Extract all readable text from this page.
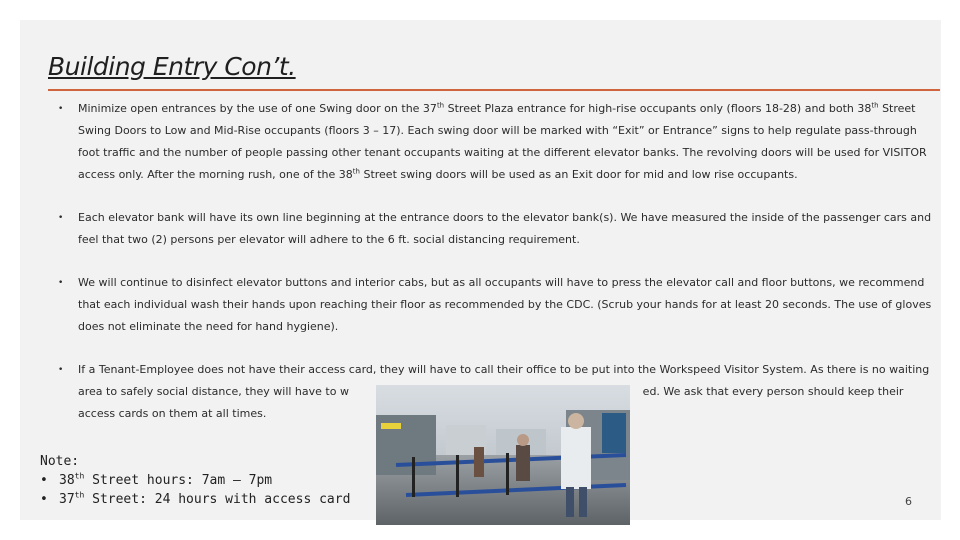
Building Entry Con’t.
• Minimize open entrances by the use of one Swing door on the 37th Street Plaza entrance for high-rise occupants only (floors 18-28) and both 38th Street Swing Doors to Low and Mid-Rise occupants (floors 3 – 17). Each swing door will be marked with “Exit” or Entrance” signs to help regulate pass-through foot traffic and the number of people passing other tenant occupants waiting at the different elevator banks. The revolving doors will be used for VISITOR access only. After the morning rush, one of the 38th Street swing doors will be used as an Exit door for mid and low rise occupants.
• Each elevator bank will have its own line beginning at the entrance doors to the elevator bank(s). We have measured the inside of the passenger cars and feel that two (2) persons per elevator will adhere to the 6 ft. social distancing requirement.
• We will continue to disinfect elevator buttons and interior cabs, but as all occupants will have to press the elevator call and floor buttons, we recommend that each individual wash their hands upon reaching their floor as recommended by the CDC. (Scrub your hands for at least 20 seconds. The use of gloves does not eliminate the need for hand hygiene).
• If a Tenant-Employee does not have their access card, they will have to call their office to be put into the Workspeed Visitor System. As there is no waiting area to safely social distance, they will have to w	ed. We ask that every person should keep their access cards on them at all times.
6
Note:
• 38th Street hours: 7am – 7pm
• 37th Street: 24 hours with access card
